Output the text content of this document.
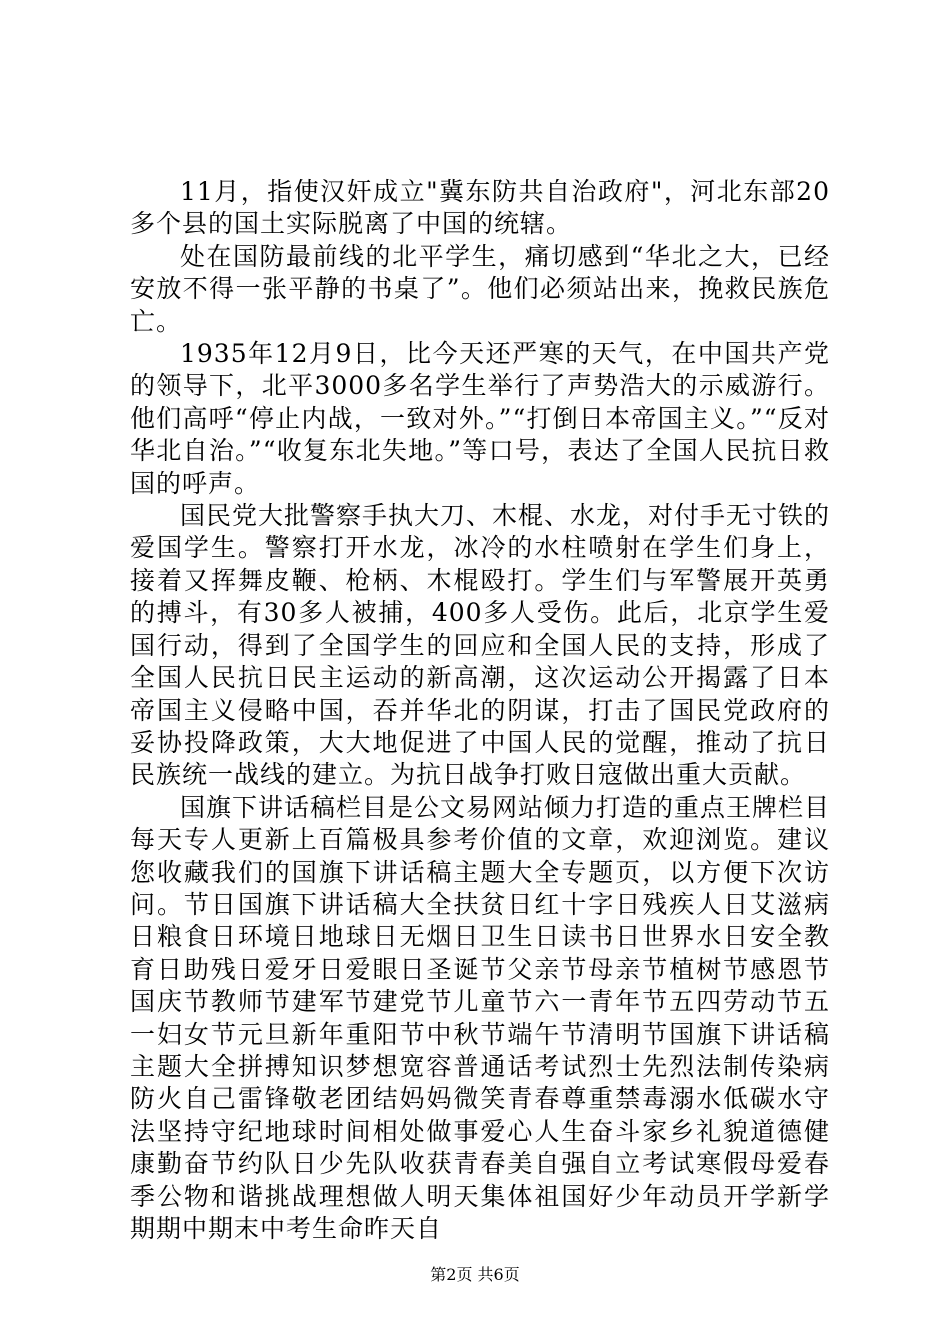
11月，指使汉奸成立"冀东防共自治政府"，河北东部20多个县的国土实际脱离了中国的统辖。

处在国防最前线的北平学生，痛切感到“华北之大，已经安放不得一张平静的书桌了”。他们必须站出来，挽救民族危亡。

1935年12月9日，比今天还严寒的天气，在中国共产党的领导下，北平3000多名学生举行了声势浩大的示威游行。他们高呼“停止内战，一致对外。”“打倒日本帝国主义。”“反对华北自治。”“收复东北失地。”等口号，表达了全国人民抗日救国的呼声。

国民党大批警察手执大刀、木棍、水龙，对付手无寸铁的爱国学生。警察打开水龙，冰冷的水柱喷射在学生们身上，接着又挥舞皮鞭、枪柄、木棍殴打。学生们与军警展开英勇的搏斗，有30多人被捕，400多人受伤。此后，北京学生爱国行动，得到了全国学生的回应和全国人民的支持，形成了全国人民抗日民主运动的新高潮，这次运动公开揭露了日本帝国主义侵略中国，吞并华北的阴谋，打击了国民党政府的妥协投降政策，大大地促进了中国人民的觉醒，推动了抗日民族统一战线的建立。为抗日战争打败日寇做出重大贡献。

国旗下讲话稿栏目是公文易网站倾力打造的重点王牌栏目每天专人更新上百篇极具参考价值的文章，欢迎浏览。建议您收藏我们的国旗下讲话稿主题大全专题页，以方便下次访问。节日国旗下讲话稿大全扶贫日红十字日残疾人日艾滋病日粮食日环境日地球日无烟日卫生日读书日世界水日安全教育日助残日爱牙日爱眼日圣诞节父亲节母亲节植树节感恩节国庆节教师节建军节建党节儿童节六一青年节五四劳动节五一妇女节元旦新年重阳节中秋节端午节清明节国旗下讲话稿主题大全拼搏知识梦想宽容普通话考试烈士先烈法制传染病防火自己雷锋敬老团结妈妈微笑青春尊重禁毒溺水低碳水守法坚持守纪地球时间相处做事爱心人生奋斗家乡礼貌道德健康勤奋节约队日少先队收获青春美自强自立考试寒假母爱春季公物和谐挑战理想做人明天集体祖国好少年动员开学新学期期中期末中考生命昨天自

第2页 共6页
